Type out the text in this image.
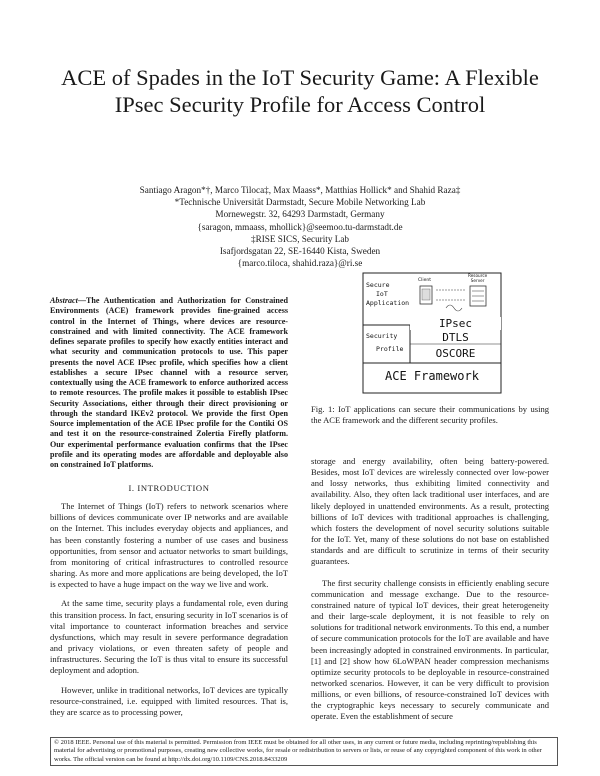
ACE of Spades in the IoT Security Game: A Flexible IPsec Security Profile for Access Control
Santiago Aragon*†, Marco Tiloca‡, Max Maass*, Matthias Hollick* and Shahid Raza‡
*Technische Universität Darmstadt, Secure Mobile Networking Lab
Mornewegstr. 32, 64293 Darmstadt, Germany
{saragon, mmaass, mhollick}@seemoo.tu-darmstadt.de
‡RISE SICS, Security Lab
Isafjordsgatan 22, SE-16440 Kista, Sweden
{marco.tiloca, shahid.raza}@ri.se
Abstract—The Authentication and Authorization for Constrained Environments (ACE) framework provides fine-grained access control in the Internet of Things, where devices are resource-constrained and with limited connectivity. The ACE framework defines separate profiles to specify how exactly entities interact and what security and communication protocols to use. This paper presents the novel ACE IPsec profile, which specifies how a client establishes a secure IPsec channel with a resource server, contextually using the ACE framework to enforce authorized access to remote resources. The profile makes it possible to establish IPsec Security Associations, either through their direct provisioning or through the standard IKEv2 protocol. We provide the first Open Source implementation of the ACE IPsec profile for the Contiki OS and test it on the resource-constrained Zolertia Firefly platform. Our experimental performance evaluation confirms that the IPsec profile and its operating modes are affordable and deployable also on constrained IoT platforms.
I. INTRODUCTION

The Internet of Things (IoT) refers to network scenarios where billions of devices communicate over IP networks and are available on the Internet. This includes everyday objects and appliances, and has been constantly fostering a number of use cases and business opportunities, from sensor and actuator networks to smart buildings, from monitoring of critical infrastructures to controlled resource sharing. As more and more applications are being developed, the IoT is expected to have a huge impact on the way we live and work.

At the same time, security plays a fundamental role, even during this transition process. In fact, ensuring security in IoT scenarios is of vital importance to counteract information breaches and service dysfunctions, which may result in severe performance degradation and privacy violations, or even threaten safety of people and infrastructures. Securing the IoT is thus vital to ensure its successful deployment and adoption.

However, unlike in traditional networks, IoT devices are typically resource-constrained, i.e. equipped with limited resources. That is, they are scarce as to processing power,

Secure
IoT
Application
Client
Resource
Server
Security
Profile
IPsec
DTLS
OSCORE
ACE Framework
Fig. 1: IoT applications can secure their communications by using the ACE framework and the different security profiles.

storage and energy availability, often being battery-powered. Besides, most IoT devices are wirelessly connected over low-power and lossy networks, thus exhibiting limited connectivity and availability. Also, they often lack traditional user interfaces, and are likely deployed in unattended environments. As a result, protecting billions of IoT devices with traditional approaches is challenging, which fosters the development of novel security solutions suitable for the IoT. Yet, many of these solutions do not base on established standards and are difficult to scrutinize in terms of their security guarantees.

The first security challenge consists in efficiently enabling secure communication and message exchange. Due to the resource-constrained nature of typical IoT devices, their great heterogeneity and their large-scale deployment, it is not feasible to rely on solutions for traditional network environments. To this end, a number of secure communication protocols for the IoT are available and have been increasingly adopted in constrained environments. In particular, [1] and [2] show how 6LoWPAN header compression mechanisms optimize security protocols to be deployable in resource-constrained networked scenarios. However, it can be very difficult to provision millions, or even billions, of resource-constrained IoT devices with the cryptographic keys necessary to securely communicate and operate. Even the establishment of secure

© 2018 IEEE. Personal use of this material is permitted. Permission from IEEE must be obtained for all other uses, in any current or future media, including reprinting/republishing this material for advertising or promotional purposes, creating new collective works, for resale or redistribution to servers or lists, or reuse of any copyrighted component of this work in other works. The official version can be found at http://dx.doi.org/10.1109/CNS.2018.8433209
